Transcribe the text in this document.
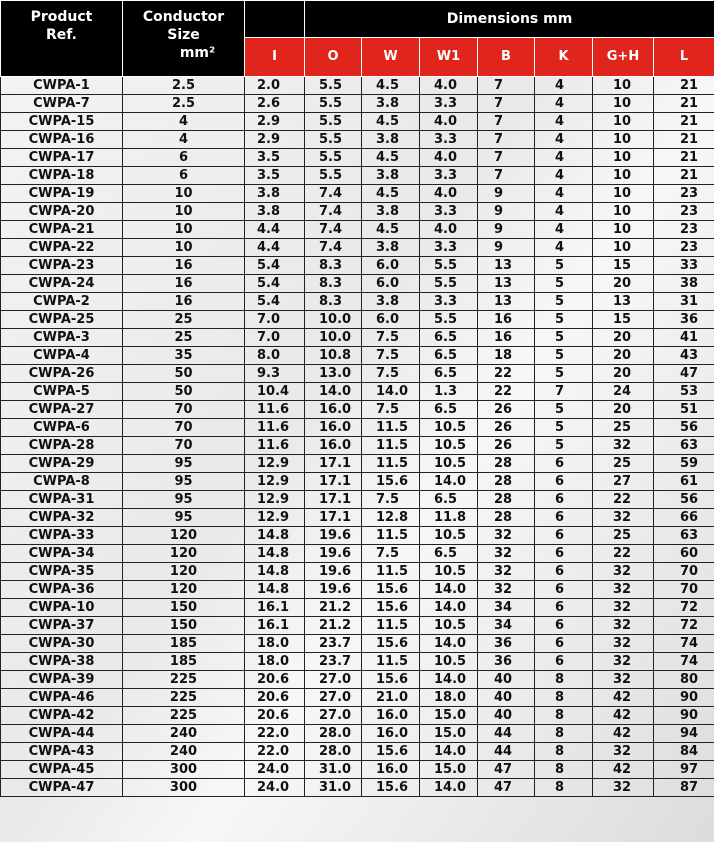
Product
Ref.	Conductor
Size
mm²		Dimensions mm						
		I	O	W	W1	B	K	G+H	L
CWPA-1	2.5	2.0	5.5	4.5	4.0	7	4	10	21
CWPA-7	2.5	2.6	5.5	3.8	3.3	7	4	10	21
CWPA-15	4	2.9	5.5	4.5	4.0	7	4	10	21
CWPA-16	4	2.9	5.5	3.8	3.3	7	4	10	21
CWPA-17	6	3.5	5.5	4.5	4.0	7	4	10	21
CWPA-18	6	3.5	5.5	3.8	3.3	7	4	10	21
CWPA-19	10	3.8	7.4	4.5	4.0	9	4	10	23
CWPA-20	10	3.8	7.4	3.8	3.3	9	4	10	23
CWPA-21	10	4.4	7.4	4.5	4.0	9	4	10	23
CWPA-22	10	4.4	7.4	3.8	3.3	9	4	10	23
CWPA-23	16	5.4	8.3	6.0	5.5	13	5	15	33
CWPA-24	16	5.4	8.3	6.0	5.5	13	5	20	38
CWPA-2	16	5.4	8.3	3.8	3.3	13	5	13	31
CWPA-25	25	7.0	10.0	6.0	5.5	16	5	15	36
CWPA-3	25	7.0	10.0	7.5	6.5	16	5	20	41
CWPA-4	35	8.0	10.8	7.5	6.5	18	5	20	43
CWPA-26	50	9.3	13.0	7.5	6.5	22	5	20	47
CWPA-5	50	10.4	14.0	14.0	1.3	22	7	24	53
CWPA-27	70	11.6	16.0	7.5	6.5	26	5	20	51
CWPA-6	70	11.6	16.0	11.5	10.5	26	5	25	56
CWPA-28	70	11.6	16.0	11.5	10.5	26	5	32	63
CWPA-29	95	12.9	17.1	11.5	10.5	28	6	25	59
CWPA-8	95	12.9	17.1	15.6	14.0	28	6	27	61
CWPA-31	95	12.9	17.1	7.5	6.5	28	6	22	56
CWPA-32	95	12.9	17.1	12.8	11.8	28	6	32	66
CWPA-33	120	14.8	19.6	11.5	10.5	32	6	25	63
CWPA-34	120	14.8	19.6	7.5	6.5	32	6	22	60
CWPA-35	120	14.8	19.6	11.5	10.5	32	6	32	70
CWPA-36	120	14.8	19.6	15.6	14.0	32	6	32	70
CWPA-10	150	16.1	21.2	15.6	14.0	34	6	32	72
CWPA-37	150	16.1	21.2	11.5	10.5	34	6	32	72
CWPA-30	185	18.0	23.7	15.6	14.0	36	6	32	74
CWPA-38	185	18.0	23.7	11.5	10.5	36	6	32	74
CWPA-39	225	20.6	27.0	15.6	14.0	40	8	32	80
CWPA-46	225	20.6	27.0	21.0	18.0	40	8	42	90
CWPA-42	225	20.6	27.0	16.0	15.0	40	8	42	90
CWPA-44	240	22.0	28.0	16.0	15.0	44	8	42	94
CWPA-43	240	22.0	28.0	15.6	14.0	44	8	32	84
CWPA-45	300	24.0	31.0	16.0	15.0	47	8	42	97
CWPA-47	300	24.0	31.0	15.6	14.0	47	8	32	87
